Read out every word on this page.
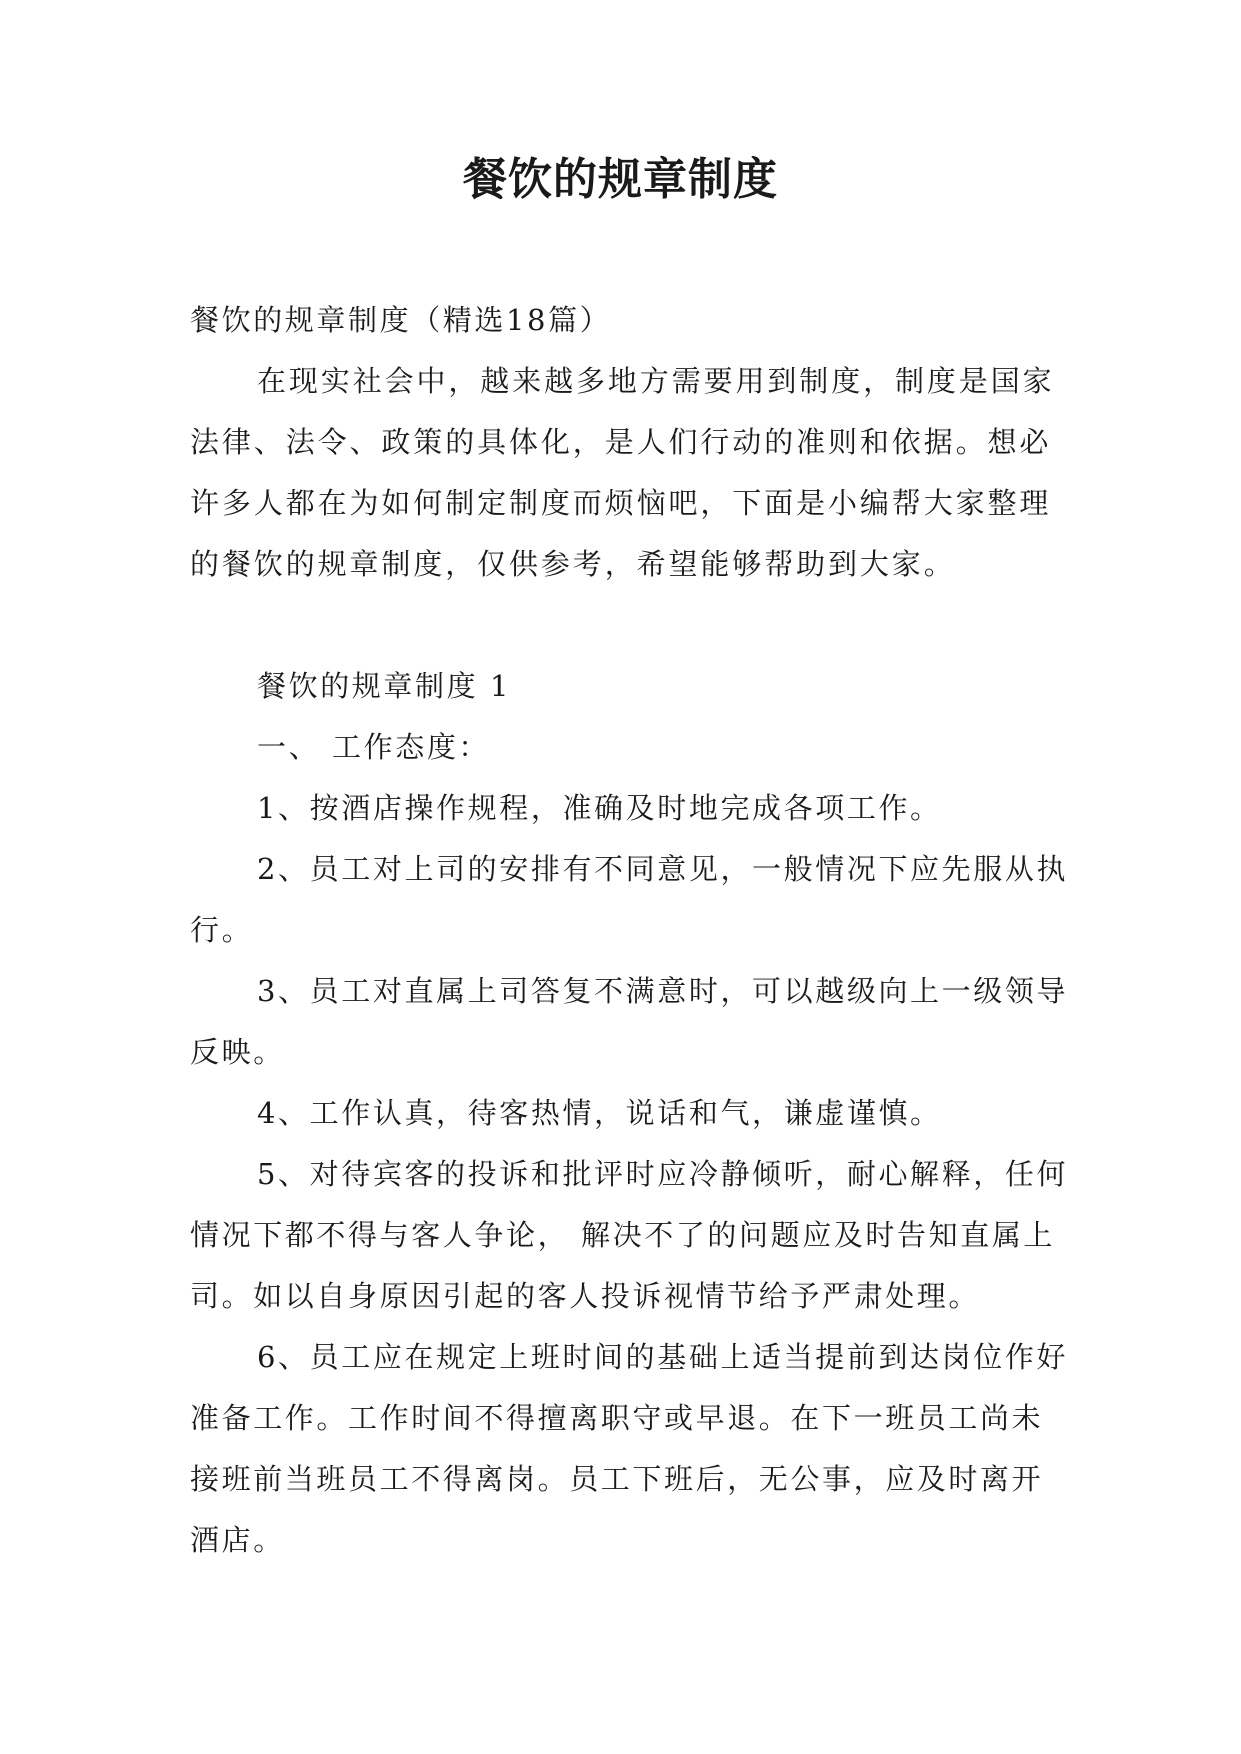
餐饮的规章制度

餐饮的规章制度（精选18篇）

在现实社会中，越来越多地方需要用到制度，制度是国家法律、法令、政策的具体化，是人们行动的准则和依据。想必许多人都在为如何制定制度而烦恼吧，下面是小编帮大家整理的餐饮的规章制度，仅供参考，希望能够帮助到大家。

餐饮的规章制度 1

一、 工作态度：

1、按酒店操作规程，准确及时地完成各项工作。

2、员工对上司的安排有不同意见，一般情况下应先服从执行。

3、员工对直属上司答复不满意时，可以越级向上一级领导反映。

4、工作认真，待客热情，说话和气，谦虚谨慎。

5、对待宾客的投诉和批评时应冷静倾听，耐心解释，任何情况下都不得与客人争论， 解决不了的问题应及时告知直属上司。如以自身原因引起的客人投诉视情节给予严肃处理。

6、员工应在规定上班时间的基础上适当提前到达岗位作好准备工作。工作时间不得擅离职守或早退。在下一班员工尚未接班前当班员工不得离岗。员工下班后，无公事，应及时离开酒店。
